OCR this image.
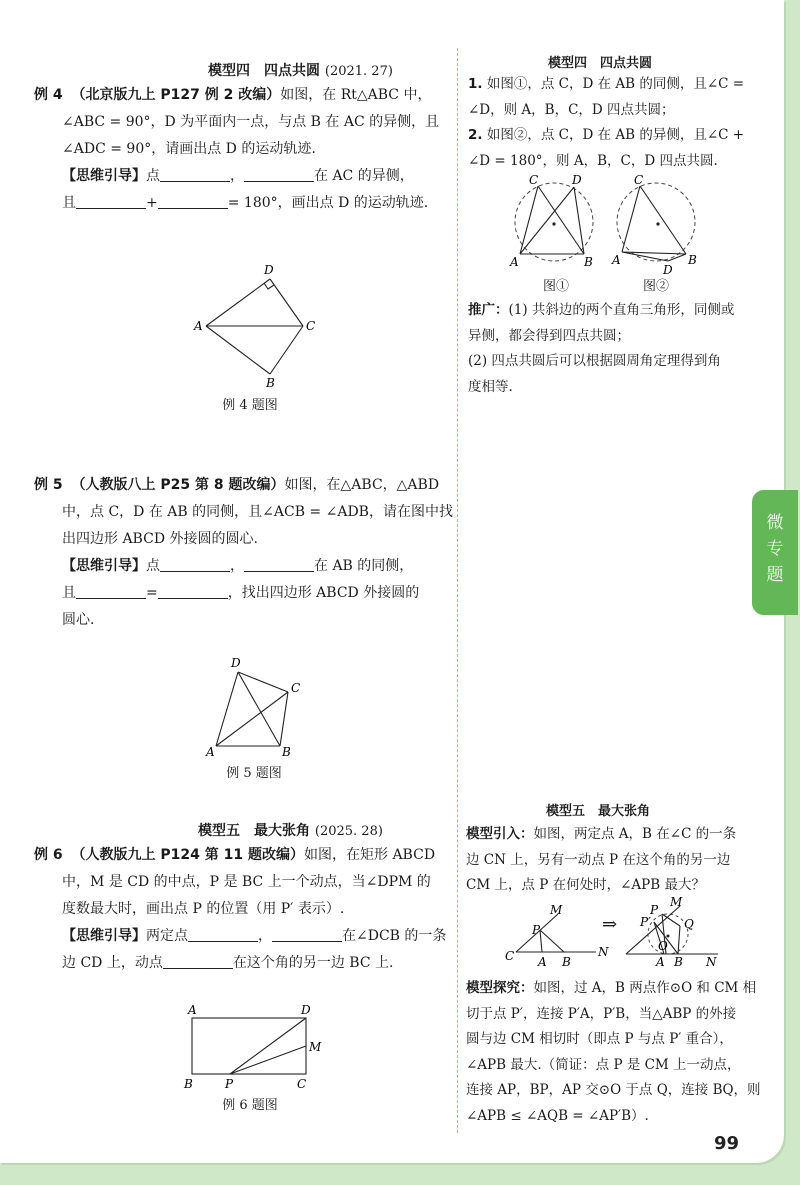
模型四　四点共圆 (2021. 27)
例 4 （北京版九上 P127 例 2 改编）如图，在 Rt△ABC 中，
∠ABC = 90°，D 为平面内一点，与点 B 在 AC 的异侧，且
∠ADC = 90°，请画出点 D 的运动轨迹.
【思维引导】点	，	在 AC 的异侧，
且	+	= 180°，画出点 D 的运动轨迹.
A
B
C
D
例 4 题图
例 5 （人教版八上 P25 第 8 题改编）如图，在△ABC，△ABD
中，点 C，D 在 AB 的同侧，且∠ACB = ∠ADB，请在图中找
出四边形 ABCD 外接圆的圆心.
【思维引导】点	，	在 AB 的同侧，
且	=	，找出四边形 ABCD 外接圆的
圆心.
A	B
C
D
例 5 题图
模型五　最大张角 (2025. 28)
例 6 （人教版九上 P124 第 11 题改编）如图，在矩形 ABCD
中，M 是 CD 的中点，P 是 BC 上一个动点，当∠DPM 的
度数最大时，画出点 P 的位置（用 P′ 表示）.
【思维引导】两定点	，	在∠DCB 的一条
边 CD 上，动点	在这个角的另一边 BC 上.
A
B	C
D
M
P
例 6 题图
模型四　四点共圆
1. 如图①，点 C，D 在 AB 的同侧，且∠C =
∠D，则 A，B，C，D 四点共圆；
2. 如图②，点 C，D 在 AB 的异侧，且∠C +
∠D = 180°，则 A，B，C，D 四点共圆.
A	B
C	D
图①
A	B
C
D
图②
推广：(1) 共斜边的两个直角三角形，同侧或
异侧，都会得到四点共圆；
(2) 四点共圆后可以根据圆周角定理得到角
度相等.
模型五　最大张角
模型引入：如图，两定点 A，B 在∠C 的一条
边 CN 上，另有一动点 P 在这个角的另一边
CM 上，点 P 在何处时，∠APB 最大？
C A B
M
N
P	⇒
A B N
M
P′
P
O
Q
模型探究：如图，过 A，B 两点作⊙O 和 CM 相
切于点 P′，连接 P′A，P′B，当△ABP 的外接
圆与边 CM 相切时（即点 P 与点 P′ 重合），
∠APB 最大.（简证：点 P 是 CM 上一动点，
连接 AP，BP，AP 交⊙O 于点 Q，连接 BQ，则
∠APB ≤ ∠AQB = ∠AP′B）.
99
微
专
题
